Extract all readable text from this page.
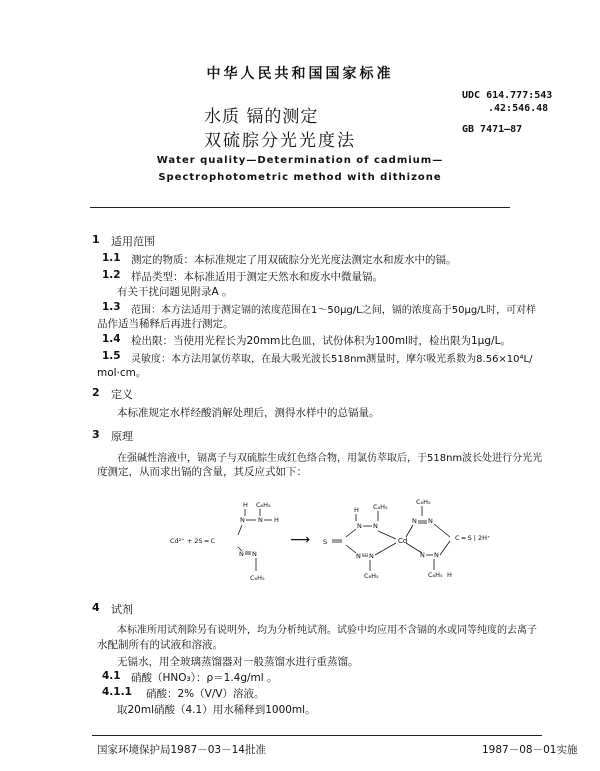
中华人民共和国国家标准
水质 镉的测定
双硫腙分光光度法
UDC 614.777:543
.42:546.48
GB 7471—87
Water quality—Determination of cadmium—
Spectrophotometric method with dithizone
1 适用范围
1.1 测定的物质：本标准规定了用双硫腙分光光度法测定水和废水中的镉。
1.2 样品类型：本标准适用于测定天然水和废水中微量镉。
有关干扰问题见附录A 。
1.3 范围：本方法适用于测定镉的浓度范围在1～50μg/L之间，镉的浓度高于50μg/L时，可对样
品作适当稀释后再进行测定。
1.4 检出限：当使用光程长为20mm比色皿，试份体积为100ml时，检出限为1μg/L。
1.5 灵敏度：本方法用氯仿萃取，在最大吸光波长518nm测量时，摩尔吸光系数为8.56×10⁴L/
mol·cm。
2 定义
本标准规定水样经酸消解处理后，测得水样中的总镉量。
3 原理
在强碱性溶液中，镉离子与双硫腙生成红色络合物，用氯仿萃取后，于518nm波长处进行分光光
度测定，从而求出镉的含量，其反应式如下：
Cd²⁺ + 2S ═ C
H C₆H₅
N N H
N N
C₆H₅
⟶ S
H C₆H₅
N N
Cd
N N
C₆H₅
C₆H₅
N N
N N
C₆H₅ H
C ═ S | 2H⁺
4 试剂
本标准所用试剂除另有说明外，均为分析纯试剂。试验中均应用不含镉的水或同等纯度的去离子
水配制所有的试液和溶液。
无镉水，用全玻璃蒸馏器对一般蒸馏水进行重蒸馏。
4.1 硝酸（HNO₃）：ρ＝1.4g/ml 。
4.1.1 硝酸：2%（V/V）溶液。
取20ml硝酸（4.1）用水稀释到1000ml。
国家环境保护局1987－03－14批准	1987－08－01实施
